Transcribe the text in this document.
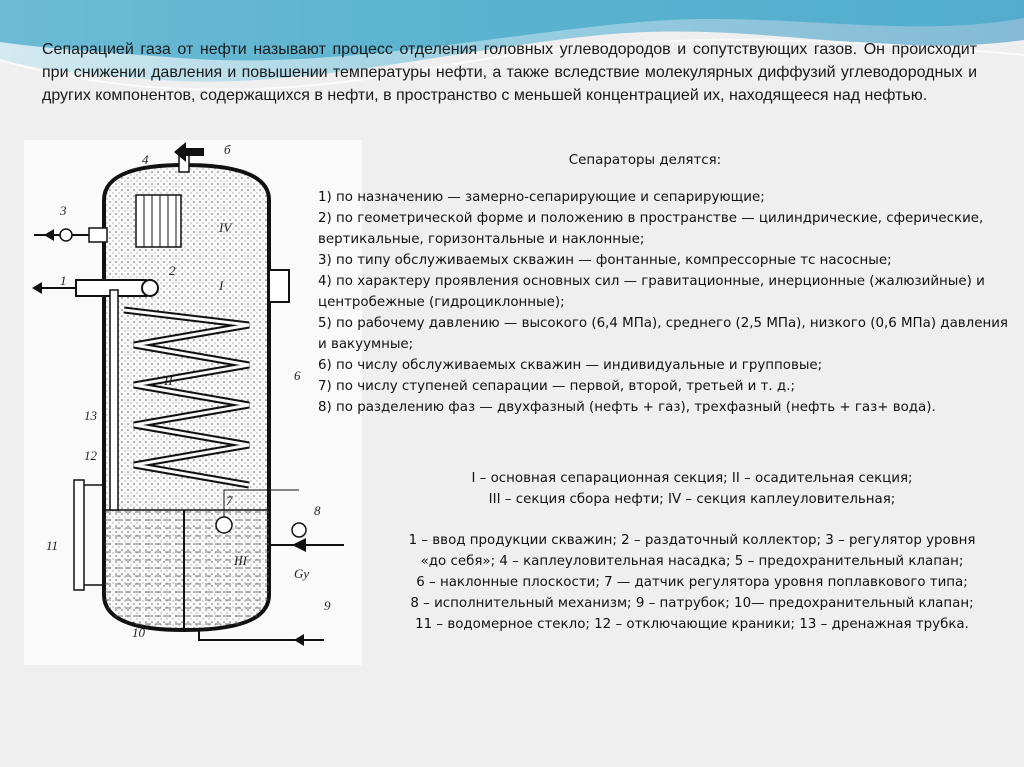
Сепарацией газа от нефти называют процесс отделения головных углеводородов и сопутствующих газов. Он происходит при снижении давления и повышении температуры нефти, а также вследствие молекулярных диффузий углеводородных и других компонентов, содержащихся в нефти, в пространство с меньшей концентрацией их, находящееся над нефтью.
1
2
3
4
б
6
7
8
9
10
11
12
13
Gу
I
II
III
IV
Сепараторы делятся:
1) по назначению — замерно-сепарирующие и сепарирующие;
2) по геометрической форме и положению в пространстве — цилиндрические, сферические, вертикальные, горизонтальные и наклонные;
3) по типу обслуживаемых скважин — фонтанные, компрессорные тс насосные;
4) по характеру проявления основных сил — гравитационные, инерционные (жалюзийные) и центробежные (гидроциклонные);
5) по рабочему давлению — высокого (6,4 МПа), среднего (2,5 МПа), низкого (0,6 МПа) давления и вакуумные;
6) по числу обслуживаемых скважин — индивидуальные и групповые;
7) по числу ступеней сепарации — первой, второй, третьей и т. д.;
8) по разделению фаз — двухфазный (нефть + газ), трехфазный (нефть + газ+ вода).

I – основная сепарационная секция; II – осадительная секция;

III – секция сбора нефти; IV – секция каплеуловительная;

1 – ввод продукции скважин; 2 – раздаточный коллектор; 3 – регулятор уровня

«до себя»; 4 – каплеуловительная насадка; 5 – предохранительный клапан;

6 – наклонные плоскости; 7 — датчик регулятора уровня поплавкового типа;

8 – исполнительный механизм; 9 – патрубок; 10— предохранительный клапан;

11 – водомерное стекло; 12 – отключающие краники; 13 – дренажная трубка.
